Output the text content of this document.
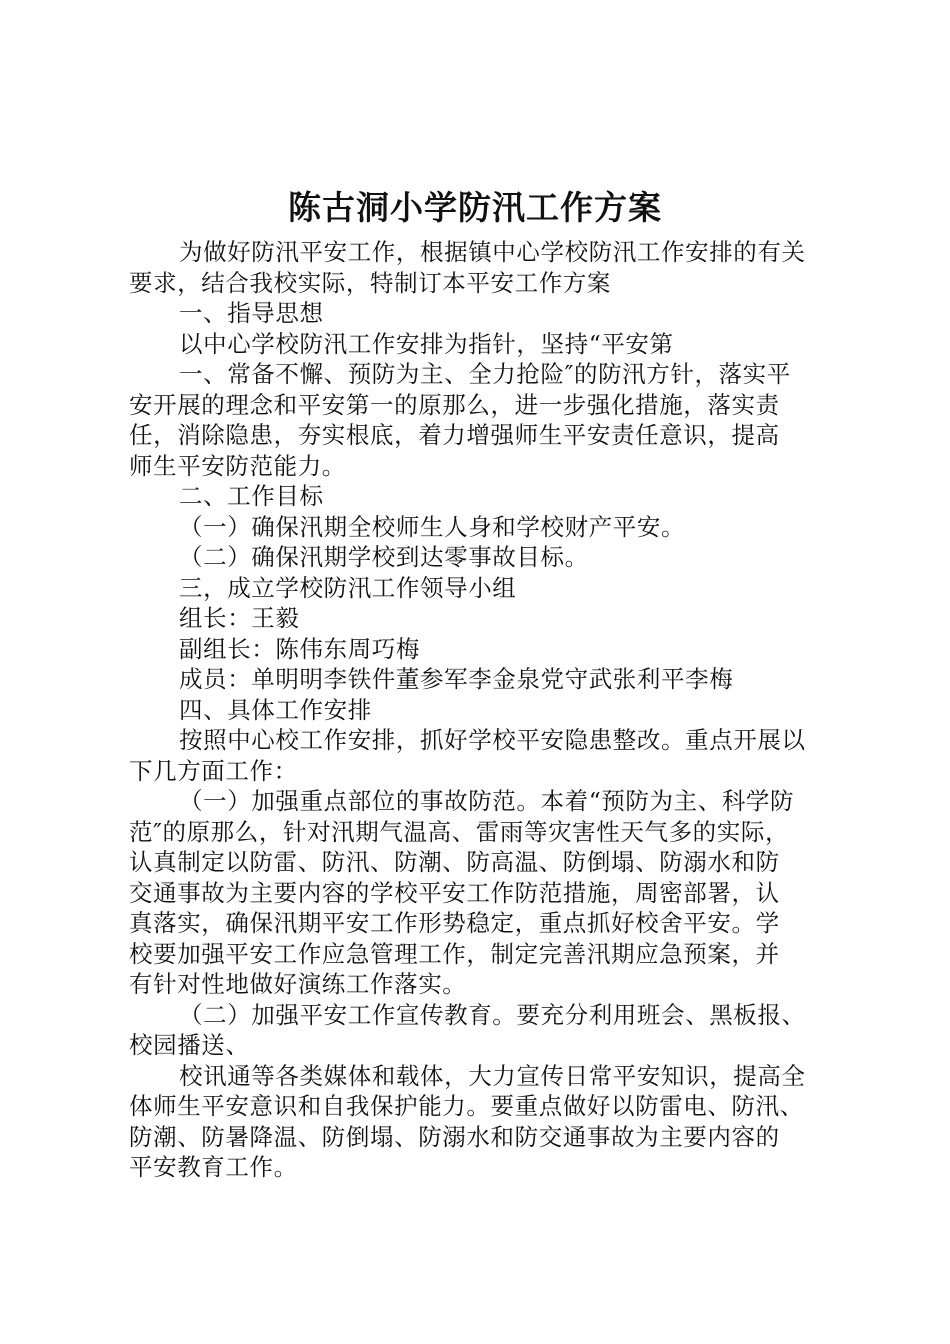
陈古洞小学防汛工作方案
为做好防汛平安工作，根据镇中心学校防汛工作安排的有关
要求，结合我校实际，特制订本平安工作方案
一、指导思想
以中心学校防汛工作安排为指针，坚持“平安第
一、常备不懈、预防为主、全力抢险″的防汛方针，落实平
安开展的理念和平安第一的原那么，进一步强化措施，落实责
任，消除隐患，夯实根底，着力增强师生平安责任意识，提高
师生平安防范能力。
二、工作目标
（一）确保汛期全校师生人身和学校财产平安。
（二）确保汛期学校到达零事故目标。
三，成立学校防汛工作领导小组
组长：王毅
副组长：陈伟东周巧梅
成员：单明明李铁件董参军李金泉党守武张利平李梅
四、具体工作安排
按照中心校工作安排，抓好学校平安隐患整改。重点开展以
下几方面工作：
（一）加强重点部位的事故防范。本着“预防为主、科学防
范″的原那么，针对汛期气温高、雷雨等灾害性天气多的实际，
认真制定以防雷、防汛、防潮、防高温、防倒塌、防溺水和防
交通事故为主要内容的学校平安工作防范措施，周密部署，认
真落实，确保汛期平安工作形势稳定，重点抓好校舍平安。学
校要加强平安工作应急管理工作，制定完善汛期应急预案，并
有针对性地做好演练工作落实。
（二）加强平安工作宣传教育。要充分利用班会、黑板报、
校园播送、
校讯通等各类媒体和载体，大力宣传日常平安知识，提高全
体师生平安意识和自我保护能力。要重点做好以防雷电、防汛、
防潮、防暑降温、防倒塌、防溺水和防交通事故为主要内容的
平安教育工作。
